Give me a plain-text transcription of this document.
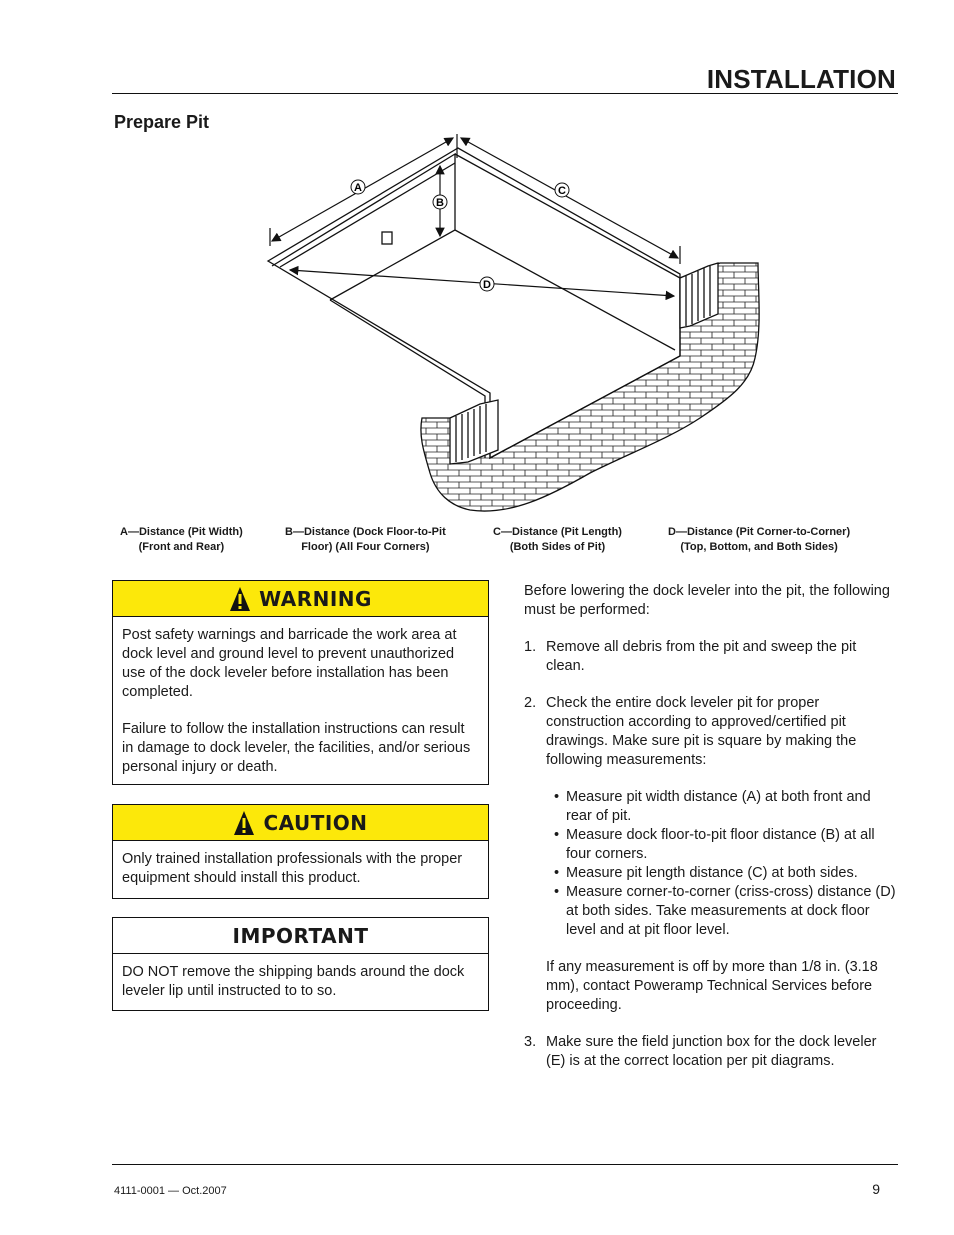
INSTALLATION
Prepare Pit
A
B
C
D
A—Distance (Pit Width)
(Front and Rear)
B—Distance (Dock Floor-to-Pit
Floor) (All Four Corners)
C—Distance (Pit Length)
(Both Sides of Pit)
D—Distance (Pit Corner-to-Corner)
(Top, Bottom, and Both Sides)
WARNING

Post safety warnings and barricade the work area at dock level and ground level to prevent unauthorized use of the dock leveler before installation has been completed.

Failure to follow the installation instructions can result in damage to dock leveler, the facilities, and/or serious personal injury or death.

CAUTION

Only trained installation professionals with the proper equipment should install this product.

IMPORTANT

DO NOT remove the shipping bands around the dock leveler lip until instructed to to so.

Before lowering the dock leveler into the pit, the following must be performed:

1. Remove all debris from the pit and sweep the pit clean.
2. Check the entire dock leveler pit for proper construction according to approved/certified pit drawings. Make sure pit is square by making the following measurements:
• Measure pit width distance (A) at both front and rear of pit.
• Measure dock floor-to-pit floor distance (B) at all four corners.
• Measure pit length distance (C) at both sides.
• Measure corner-to-corner (criss-cross) distance (D) at both sides. Take measurements at dock floor level and at pit floor level.
If any measurement is off by more than 1/8 in. (3.18 mm), contact Poweramp Technical Services before proceeding.
3. Make sure the field junction box for the dock leveler (E) is at the correct location per pit diagrams.
4111-0001 — Oct.2007	9
